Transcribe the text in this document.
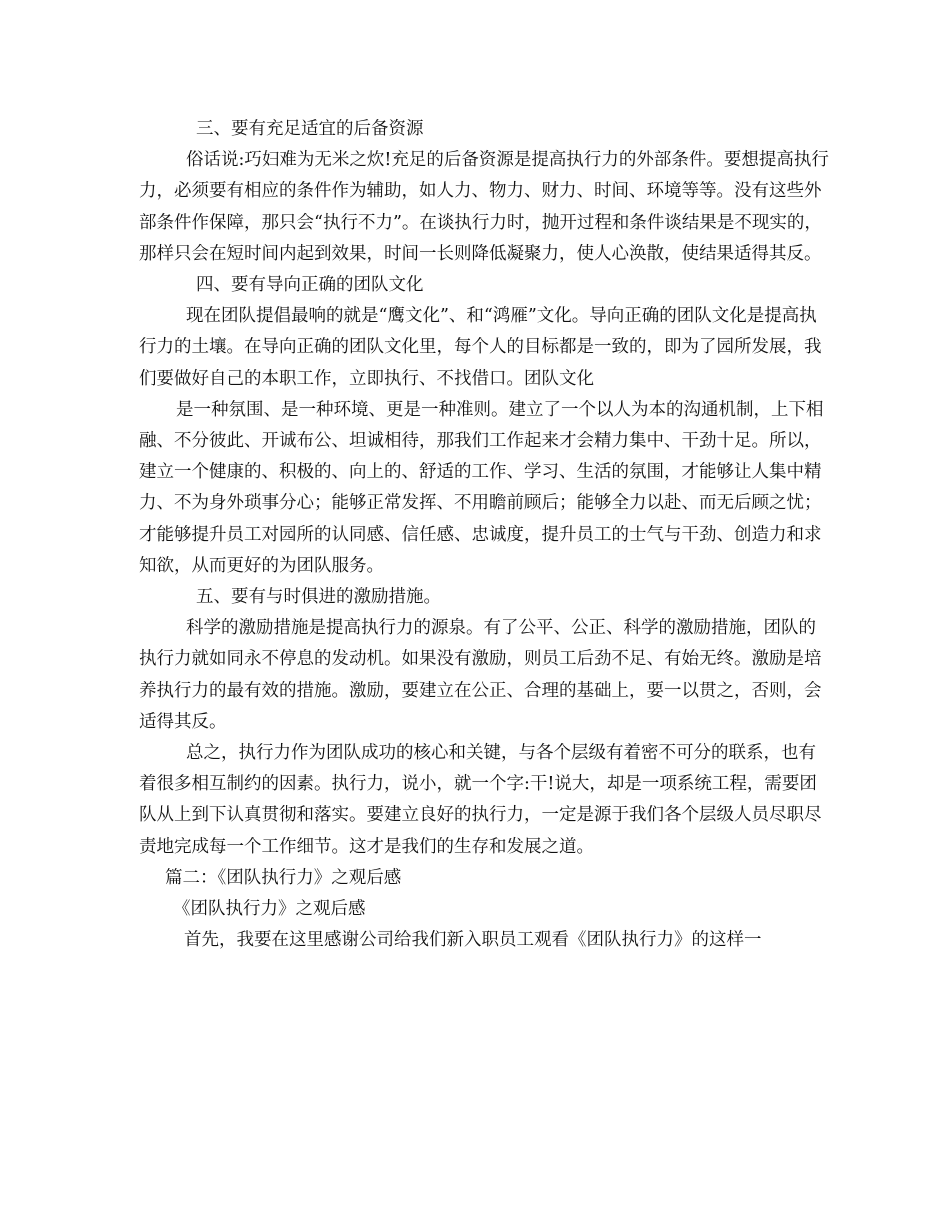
三、要有充足适宜的后备资源

俗话说:巧妇难为无米之炊!充足的后备资源是提高执行力的外部条件。要想提高执行力，必须要有相应的条件作为辅助，如人力、物力、财力、时间、环境等等。没有这些外部条件作保障，那只会“执行不力”。在谈执行力时，抛开过程和条件谈结果是不现实的，那样只会在短时间内起到效果，时间一长则降低凝聚力，使人心涣散，使结果适得其反。

四、要有导向正确的团队文化

现在团队提倡最响的就是“鹰文化”、和“鸿雁”文化。导向正确的团队文化是提高执行力的土壤。在导向正确的团队文化里，每个人的目标都是一致的，即为了园所发展，我们要做好自己的本职工作，立即执行、不找借口。团队文化

是一种氛围、是一种环境、更是一种准则。建立了一个以人为本的沟通机制，上下相融、不分彼此、开诚布公、坦诚相待，那我们工作起来才会精力集中、干劲十足。所以，建立一个健康的、积极的、向上的、舒适的工作、学习、生活的氛围，才能够让人集中精力、不为身外琐事分心；能够正常发挥、不用瞻前顾后；能够全力以赴、而无后顾之忧；才能够提升员工对园所的认同感、信任感、忠诚度，提升员工的士气与干劲、创造力和求知欲，从而更好的为团队服务。

五、要有与时俱进的激励措施。

科学的激励措施是提高执行力的源泉。有了公平、公正、科学的激励措施，团队的执行力就如同永不停息的发动机。如果没有激励，则员工后劲不足、有始无终。激励是培养执行力的最有效的措施。激励，要建立在公正、合理的基础上，要一以贯之，否则，会适得其反。

总之，执行力作为团队成功的核心和关键，与各个层级有着密不可分的联系，也有着很多相互制约的因素。执行力，说小，就一个字:干!说大，却是一项系统工程，需要团队从上到下认真贯彻和落实。要建立良好的执行力，一定是源于我们各个层级人员尽职尽责地完成每一个工作细节。这才是我们的生存和发展之道。

篇二：《团队执行力》之观后感

《团队执行力》之观后感

首先，我要在这里感谢公司给我们新入职员工观看《团队执行力》的这样一
